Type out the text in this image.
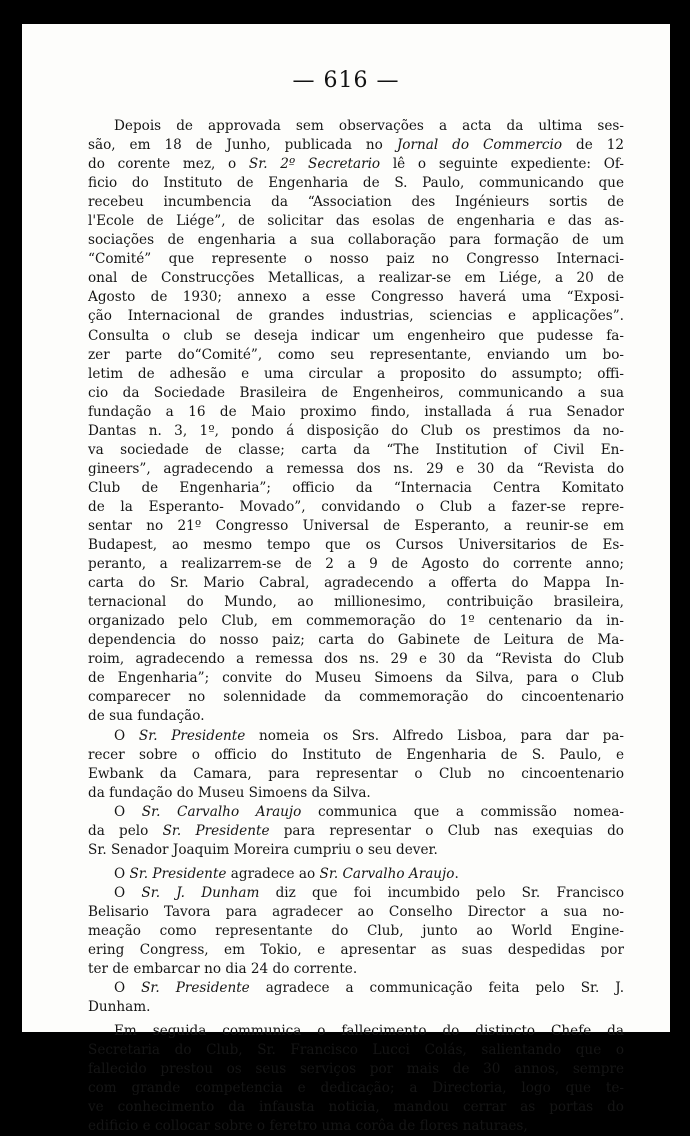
— 616 —
Depois de approvada sem observações a acta da ultima ses-
são, em 18 de Junho, publicada no Jornal do Commercio de 12
do corente mez, o Sr. 2º Secretario lê o seguinte expediente: Of-
ficio do Instituto de Engenharia de S. Paulo, communicando que
recebeu incumbencia da “Association des Ingénieurs sortis de
l'Ecole de Liége”, de solicitar das esolas de engenharia e das as-
sociações de engenharia a sua collaboração para formação de um
“Comité” que represente o nosso paiz no Congresso Internaci-
onal de Construcções Metallicas, a realizar-se em Liége, a 20 de
Agosto de 1930; annexo a esse Congresso haverá uma “Exposi-
ção Internacional de grandes industrias, sciencias e applicações”.
Consulta o club se deseja indicar um engenheiro que pudesse fa-
zer parte do“Comité”, como seu representante, enviando um bo-
letim de adhesão e uma circular a proposito do assumpto; offi-
cio da Sociedade Brasileira de Engenheiros, communicando a sua
fundação a 16 de Maio proximo findo, installada á rua Senador
Dantas n. 3, 1º, pondo á disposição do Club os prestimos da no-
va sociedade de classe; carta da “The Institution of Civil En-
gineers”, agradecendo a remessa dos ns. 29 e 30 da “Revista do
Club de Engenharia”; officio da “Internacia Centra Komitato
de la Esperanto- Movado”, convidando o Club a fazer-se repre-
sentar no 21º Congresso Universal de Esperanto, a reunir-se em
Budapest, ao mesmo tempo que os Cursos Universitarios de Es-
peranto, a realizarrem-se de 2 a 9 de Agosto do corrente anno;
carta do Sr. Mario Cabral, agradecendo a offerta do Mappa In-
ternacional do Mundo, ao millionesimo, contribuição brasileira,
organizado pelo Club, em commemoração do 1º centenario da in-
dependencia do nosso paiz; carta do Gabinete de Leitura de Ma-
roim, agradecendo a remessa dos ns. 29 e 30 da “Revista do Club
de Engenharia”; convite do Museu Simoens da Silva, para o Club
comparecer no solennidade da commemoração do cincoentenario
de sua fundação.
O Sr. Presidente nomeia os Srs. Alfredo Lisboa, para dar pa-
recer sobre o officio do Instituto de Engenharia de S. Paulo, e
Ewbank da Camara, para representar o Club no cincoentenario
da fundação do Museu Simoens da Silva.
O Sr. Carvalho Araujo communica que a commissão nomea-
da pelo Sr. Presidente para representar o Club nas exequias do
Sr. Senador Joaquim Moreira cumpriu o seu dever.
O Sr. Presidente agradece ao Sr. Carvalho Araujo.
O Sr. J. Dunham diz que foi incumbido pelo Sr. Francisco
Belisario Tavora para agradecer ao Conselho Director a sua no-
meação como representante do Club, junto ao World Engine-
ering Congress, em Tokio, e apresentar as suas despedidas por
ter de embarcar no dia 24 do corrente.
O Sr. Presidente agradece a communicação feita pelo Sr. J.
Dunham.
Em seguida communica o fallecimento do distincto Chefe da
Secretaria do Club, Sr. Francisco Lucci Colás, salientando que o
fallecido prestou os seus serviços por mais de 30 annos, sempre
com grande competencia e dedicação; a Directoria, logo que te-
ve conhecimento da infausta noticia, mandou cerrar as portas do
edificio e collocar sobre o feretro uma corôa de flores naturaes,
